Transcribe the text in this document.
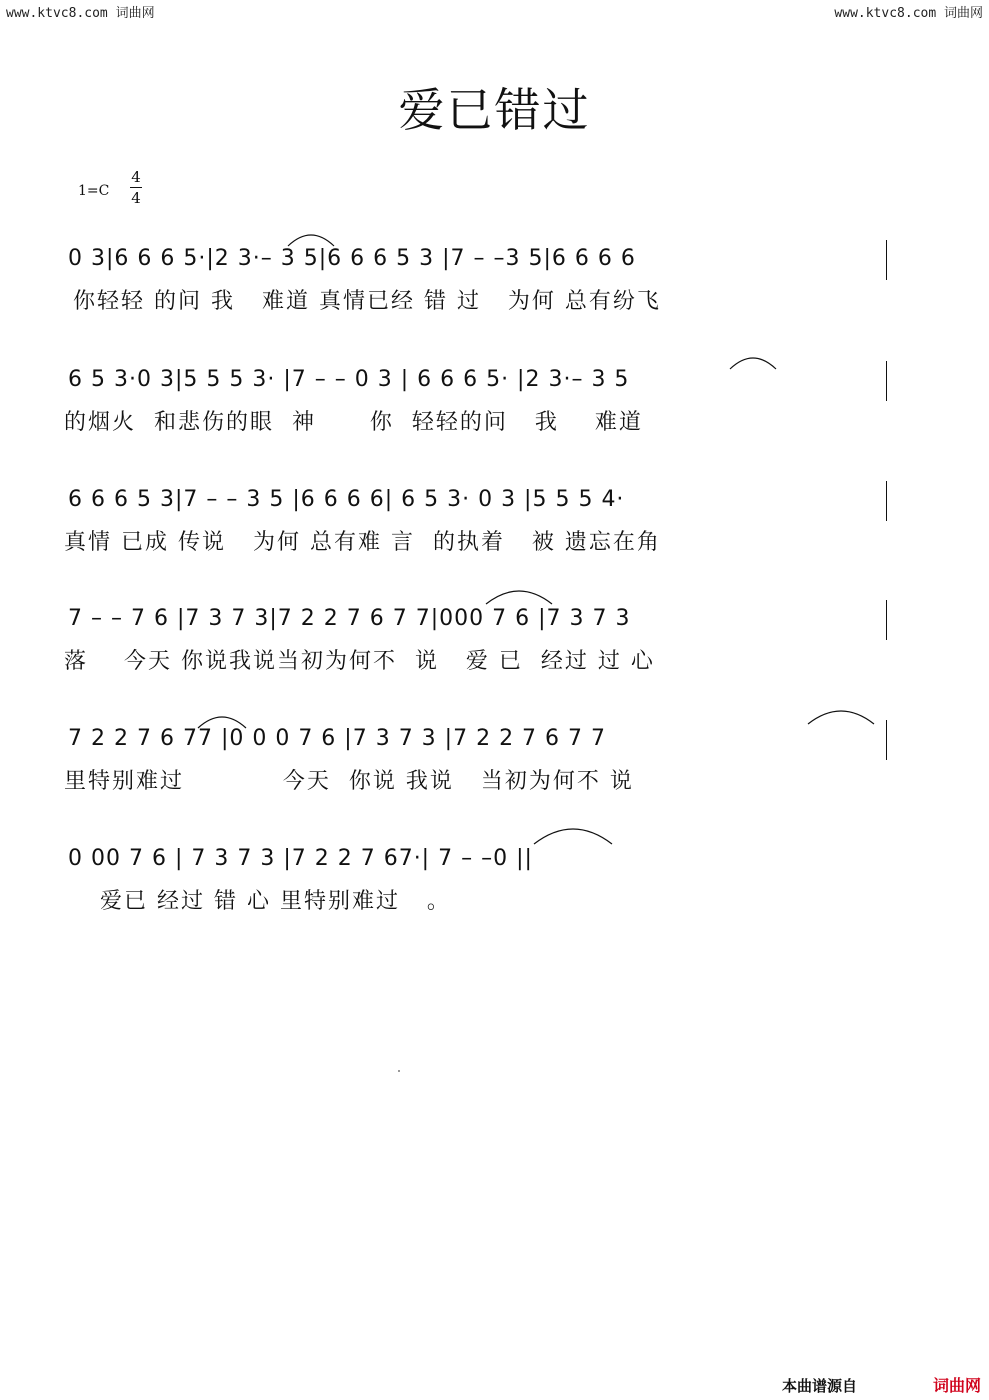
www.ktvc8.com 词曲网	www.ktvc8.com 词曲网
爱已错过
1=C
4
4
0 3|6 6 6 5·|2 3·– 3 5|6 6 6 5 3 |7 – –3 5|6 6 6 6
你轻轻 的问 我   难道 真情已经 错 过   为何 总有纷飞
6 5 3·0 3|5 5 5 3· |7 – – 0 3 | 6 6 6 5· |2 3·– 3 5
的烟火  和悲伤的眼  神      你  轻轻的问   我    难道
6 6 6 5 3|7 – – 3 5 |6 6 6 6| 6 5 3· 0 3 |5 5 5 4·
真情 已成 传说   为何 总有难 言  的执着   被 遗忘在角
7 – – 7 6 |7 3 7 3|7 2 2 7 6 7 7|000 7 6 |7 3 7 3
落    今天 你说我说当初为何不  说   爱 已  经过 过 心
7 2 2 7 6 77 |0 0 0 7 6 |7 3 7 3 |7 2 2 7 6 7 7
里特别难过           今天  你说 我说   当初为何不 说
0 00 7 6 | 7 3 7 3 |7 2 2 7 67·| 7 – –0 ||
爱已 经过 错 心 里特别难过   。
本曲谱源自	词曲网
